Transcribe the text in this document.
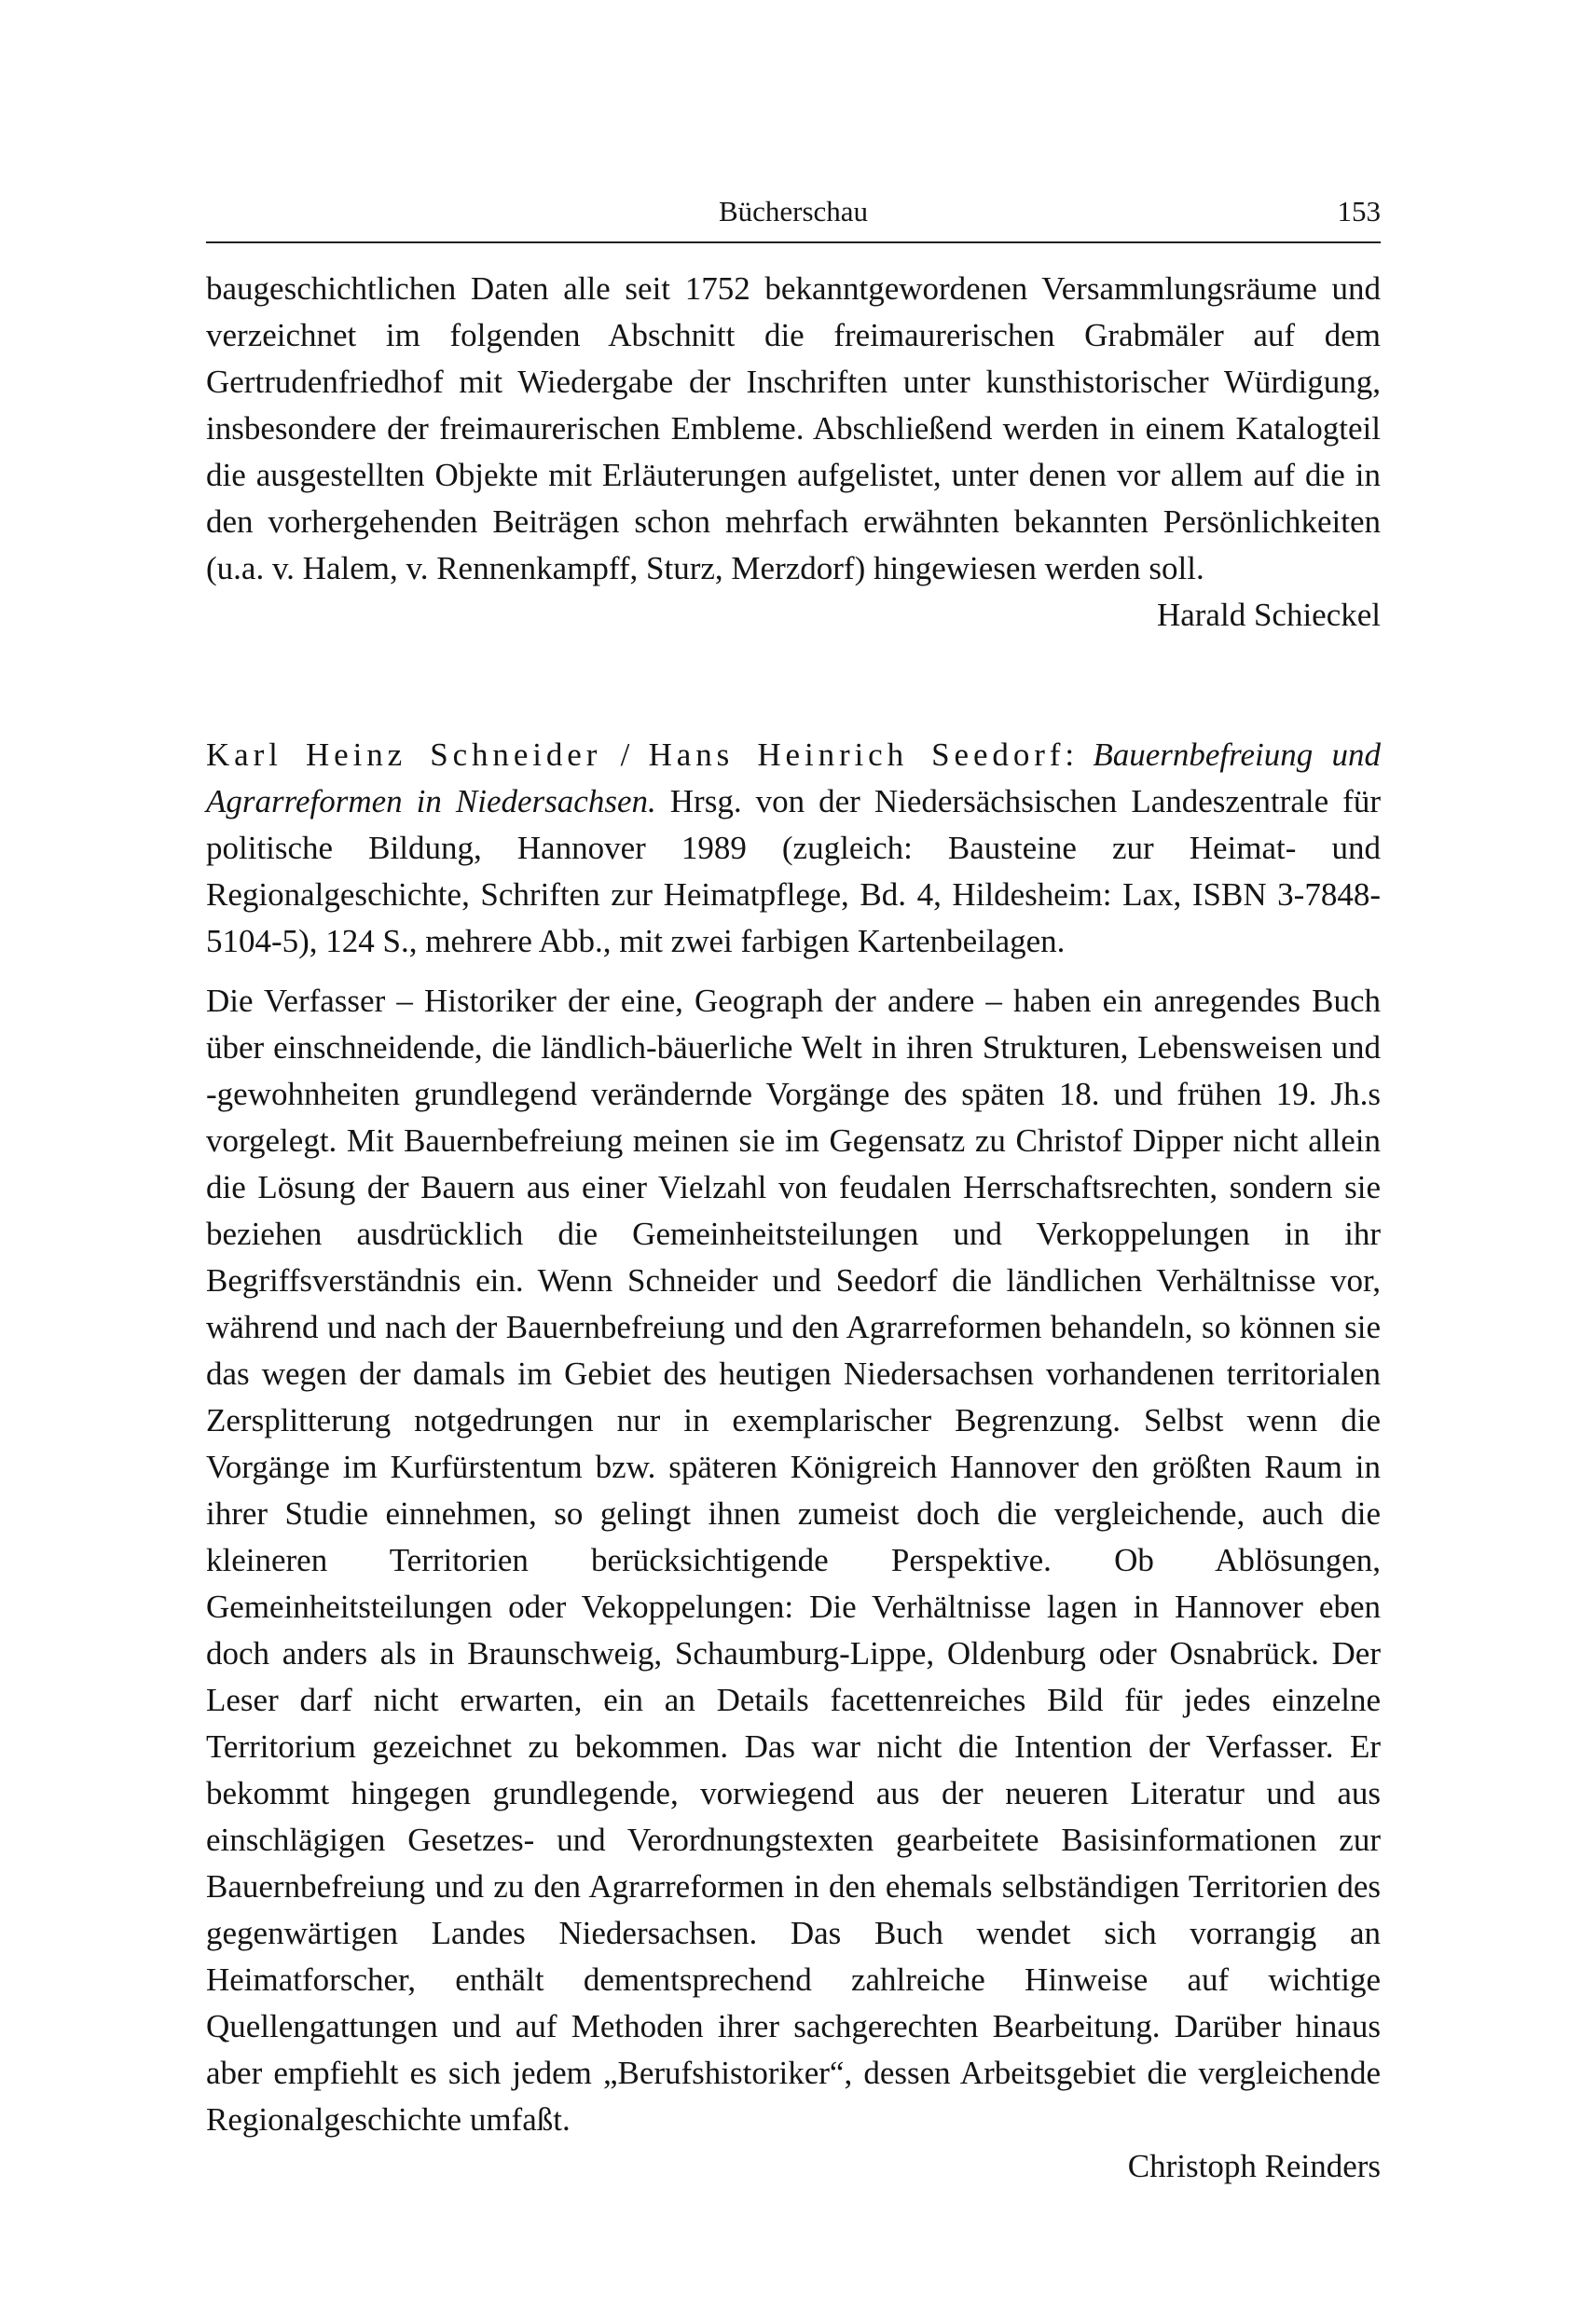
Bücherschau	153

baugeschichtlichen Daten alle seit 1752 bekanntgewordenen Versammlungsräume und verzeichnet im folgenden Abschnitt die freimaurerischen Grabmäler auf dem Gertrudenfriedhof mit Wiedergabe der Inschriften unter kunsthistorischer Würdigung, insbesondere der freimaurerischen Embleme. Abschließend werden in einem Katalogteil die ausgestellten Objekte mit Erläuterungen aufgelistet, unter denen vor allem auf die in den vorhergehenden Beiträgen schon mehrfach erwähnten bekannten Persönlichkeiten (u.a. v. Halem, v. Rennenkampff, Sturz, Merzdorf) hingewiesen werden soll.

Harald Schieckel

Karl Heinz Schneider / Hans Heinrich Seedorf: Bauernbefreiung und Agrarreformen in Niedersachsen. Hrsg. von der Niedersächsischen Landeszentrale für politische Bildung, Hannover 1989 (zugleich: Bausteine zur Heimat- und Regionalgeschichte, Schriften zur Heimatpflege, Bd. 4, Hildesheim: Lax, ISBN 3-7848-5104-5), 124 S., mehrere Abb., mit zwei farbigen Kartenbeilagen.

Die Verfasser – Historiker der eine, Geograph der andere – haben ein anregendes Buch über einschneidende, die ländlich-bäuerliche Welt in ihren Strukturen, Lebensweisen und -gewohnheiten grundlegend verändernde Vorgänge des späten 18. und frühen 19. Jh.s vorgelegt. Mit Bauernbefreiung meinen sie im Gegensatz zu Christof Dipper nicht allein die Lösung der Bauern aus einer Vielzahl von feudalen Herrschaftsrechten, sondern sie beziehen ausdrücklich die Gemeinheitsteilungen und Verkoppelungen in ihr Begriffsverständnis ein. Wenn Schneider und Seedorf die ländlichen Verhältnisse vor, während und nach der Bauernbefreiung und den Agrarreformen behandeln, so können sie das wegen der damals im Gebiet des heutigen Niedersachsen vorhandenen territorialen Zersplitterung notgedrungen nur in exemplarischer Begrenzung. Selbst wenn die Vorgänge im Kurfürstentum bzw. späteren Königreich Hannover den größten Raum in ihrer Studie einnehmen, so gelingt ihnen zumeist doch die vergleichende, auch die kleineren Territorien berücksichtigende Perspektive. Ob Ablösungen, Gemeinheitsteilungen oder Vekoppelungen: Die Verhältnisse lagen in Hannover eben doch anders als in Braunschweig, Schaumburg-Lippe, Oldenburg oder Osnabrück. Der Leser darf nicht erwarten, ein an Details facettenreiches Bild für jedes einzelne Territorium gezeichnet zu bekommen. Das war nicht die Intention der Verfasser. Er bekommt hingegen grundlegende, vorwiegend aus der neueren Literatur und aus einschlägigen Gesetzes- und Verordnungstexten gearbeitete Basisinformationen zur Bauernbefreiung und zu den Agrarreformen in den ehemals selbständigen Territorien des gegenwärtigen Landes Niedersachsen. Das Buch wendet sich vorrangig an Heimatforscher, enthält dementsprechend zahlreiche Hinweise auf wichtige Quellengattungen und auf Methoden ihrer sachgerechten Bearbeitung. Darüber hinaus aber empfiehlt es sich jedem „Berufshistoriker“, dessen Arbeitsgebiet die vergleichende Regionalgeschichte umfaßt.

Christoph Reinders
